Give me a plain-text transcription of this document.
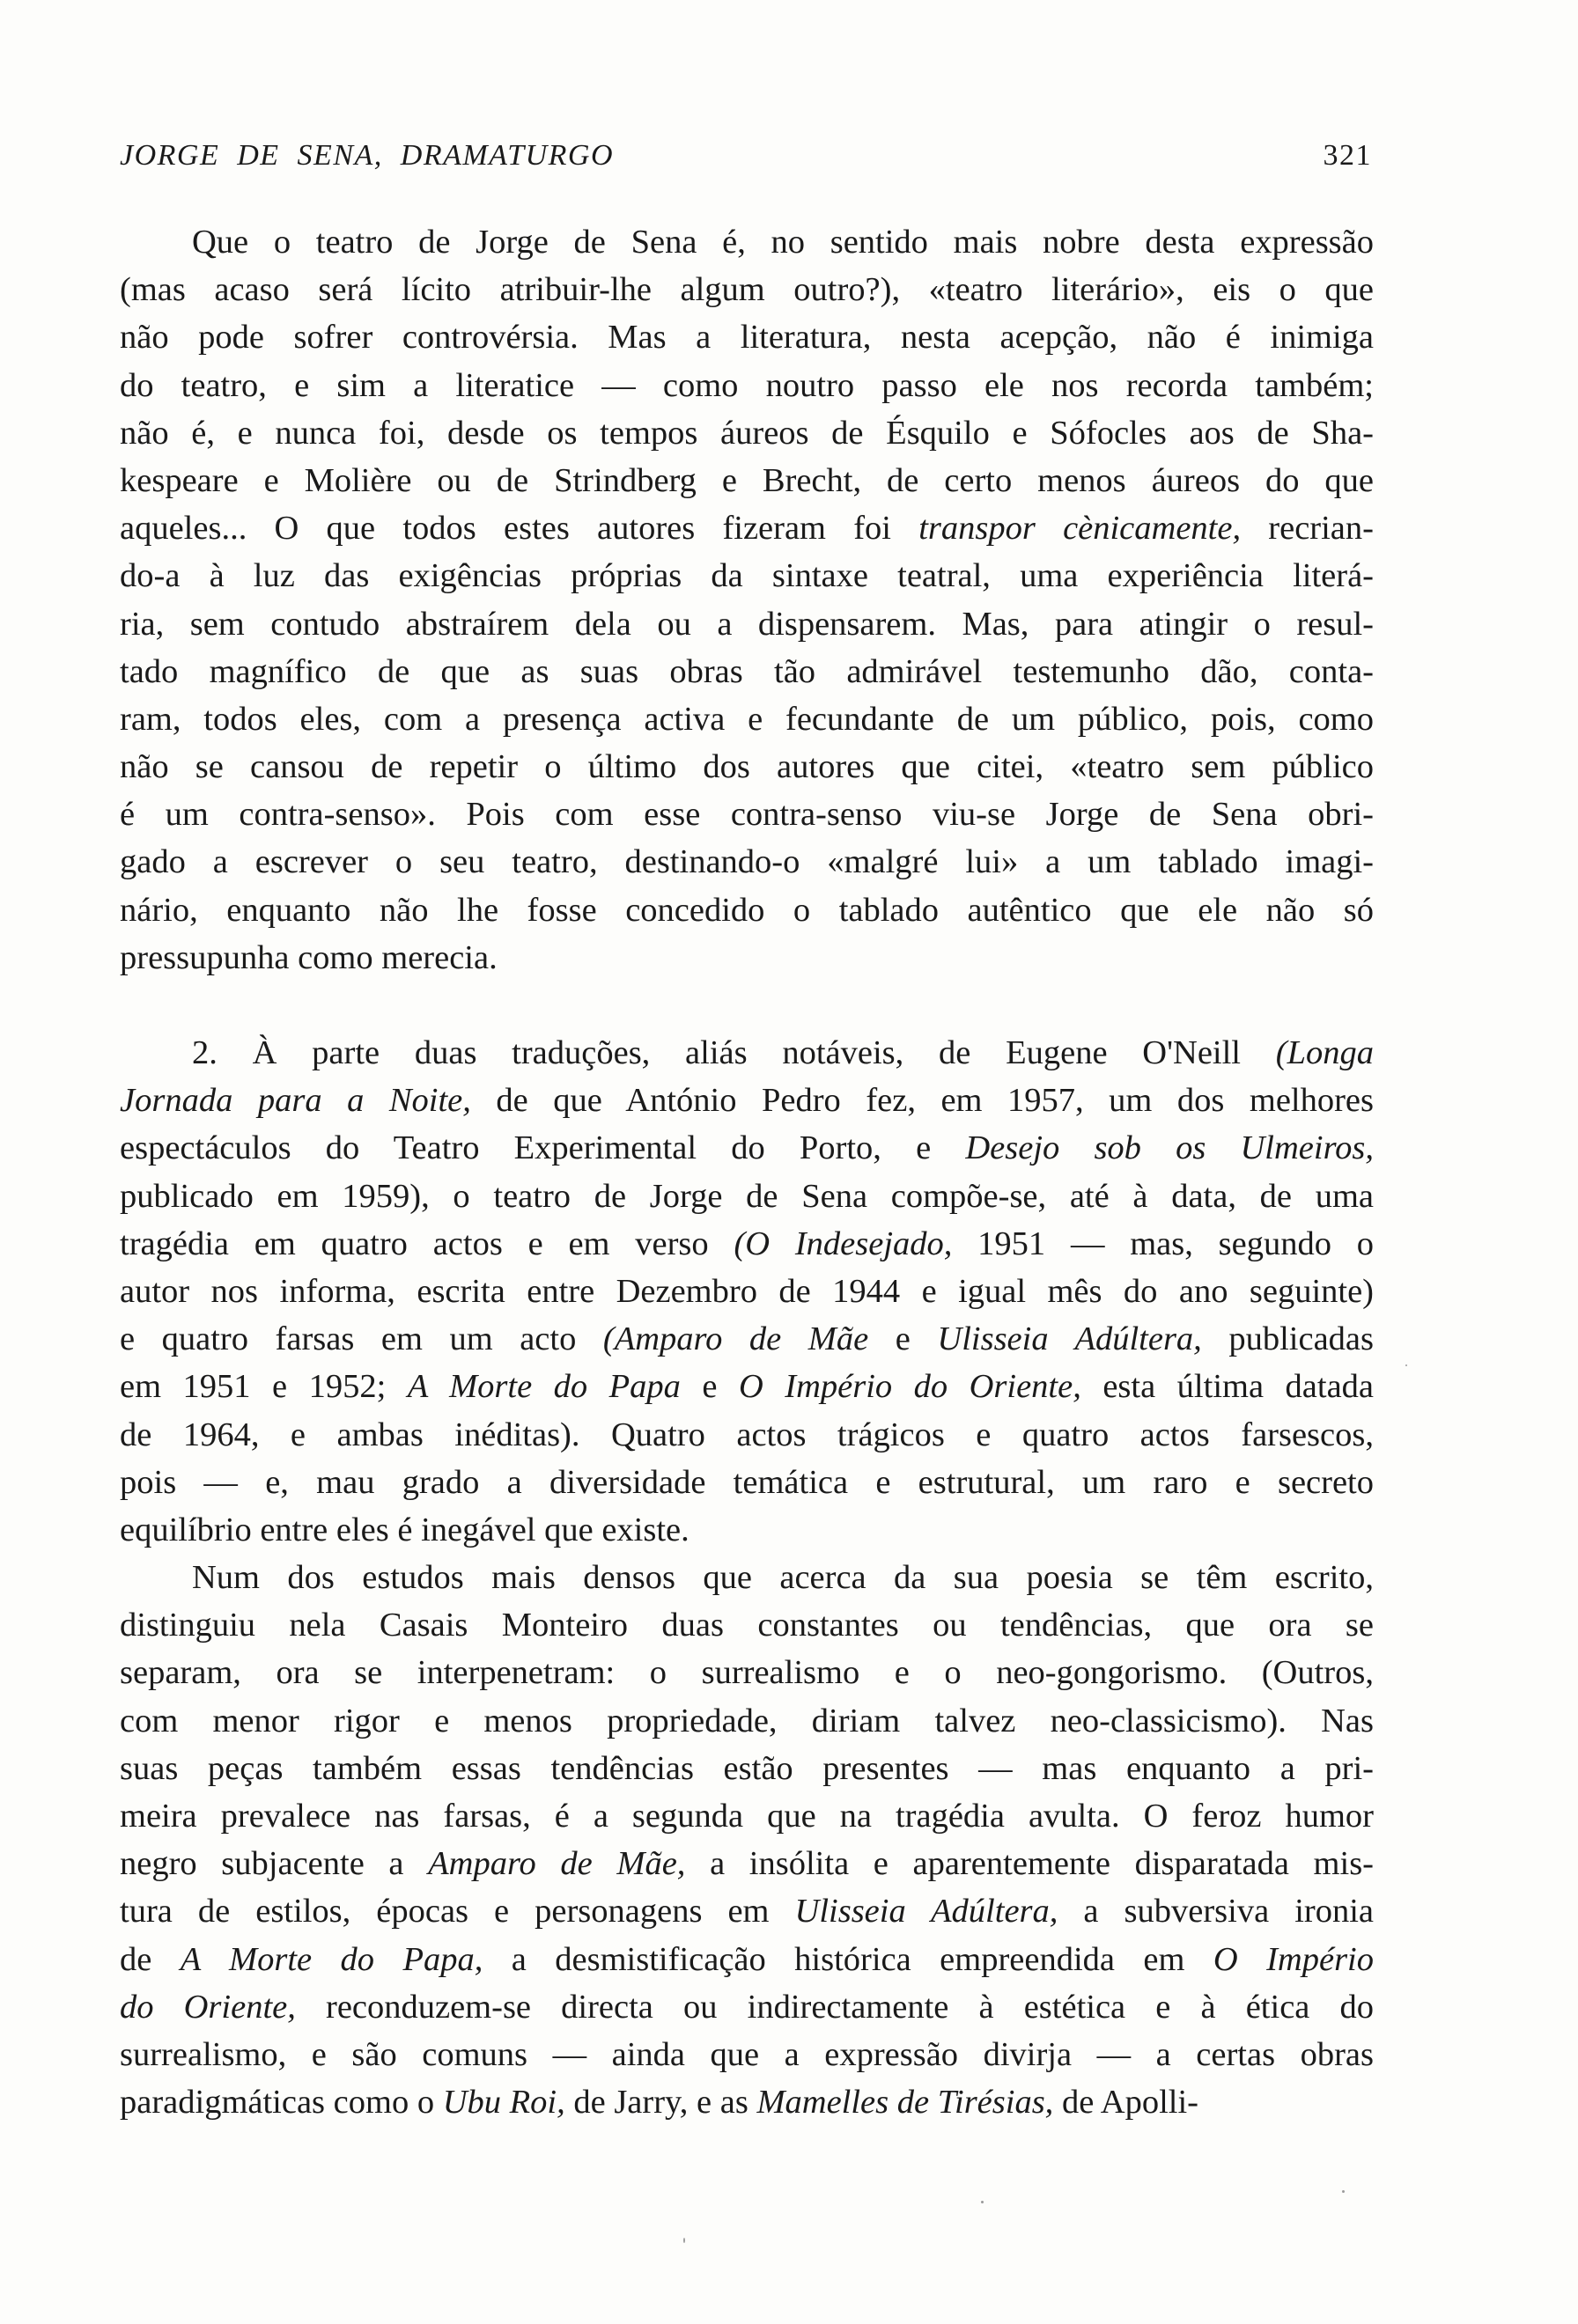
JORGE DE SENA, DRAMATURGO	321
Que o teatro de Jorge de Sena é, no sentido mais nobre desta expressão
(mas acaso será lícito atribuir-lhe algum outro?), «teatro literário», eis o que
não pode sofrer controvérsia. Mas a literatura, nesta acepção, não é inimiga
do teatro, e sim a literatice — como noutro passo ele nos recorda também;
não é, e nunca foi, desde os tempos áureos de Ésquilo e Sófocles aos de Sha-
kespeare e Molière ou de Strindberg e Brecht, de certo menos áureos do que
aqueles... O que todos estes autores fizeram foi transpor cènicamente, recrian-
do-a à luz das exigências próprias da sintaxe teatral, uma experiência literá-
ria, sem contudo abstraírem dela ou a dispensarem. Mas, para atingir o resul-
tado magnífico de que as suas obras tão admirável testemunho dão, conta-
ram, todos eles, com a presença activa e fecundante de um público, pois, como
não se cansou de repetir o último dos autores que citei, «teatro sem público
é um contra-senso». Pois com esse contra-senso viu-se Jorge de Sena obri-
gado a escrever o seu teatro, destinando-o «malgré lui» a um tablado imagi-
nário, enquanto não lhe fosse concedido o tablado autêntico que ele não só
pressupunha como merecia.
2. À parte duas traduções, aliás notáveis, de Eugene O'Neill (Longa
Jornada para a Noite, de que António Pedro fez, em 1957, um dos melhores
espectáculos do Teatro Experimental do Porto, e Desejo sob os Ulmeiros,
publicado em 1959), o teatro de Jorge de Sena compõe-se, até à data, de uma
tragédia em quatro actos e em verso (O Indesejado, 1951 — mas, segundo o
autor nos informa, escrita entre Dezembro de 1944 e igual mês do ano seguinte)
e quatro farsas em um acto (Amparo de Mãe e Ulisseia Adúltera, publicadas
em 1951 e 1952; A Morte do Papa e O Império do Oriente, esta última datada
de 1964, e ambas inéditas). Quatro actos trágicos e quatro actos farsescos,
pois — e, mau grado a diversidade temática e estrutural, um raro e secreto
equilíbrio entre eles é inegável que existe.
Num dos estudos mais densos que acerca da sua poesia se têm escrito,
distinguiu nela Casais Monteiro duas constantes ou tendências, que ora se
separam, ora se interpenetram: o surrealismo e o neo-gongorismo. (Outros,
com menor rigor e menos propriedade, diriam talvez neo-classicismo). Nas
suas peças também essas tendências estão presentes — mas enquanto a pri-
meira prevalece nas farsas, é a segunda que na tragédia avulta. O feroz humor
negro subjacente a Amparo de Mãe, a insólita e aparentemente disparatada mis-
tura de estilos, épocas e personagens em Ulisseia Adúltera, a subversiva ironia
de A Morte do Papa, a desmistificação histórica empreendida em O Império
do Oriente, reconduzem-se directa ou indirectamente à estética e à ética do
surrealismo, e são comuns — ainda que a expressão divirja — a certas obras
paradigmáticas como o Ubu Roi, de Jarry, e as Mamelles de Tirésias, de Apolli-
